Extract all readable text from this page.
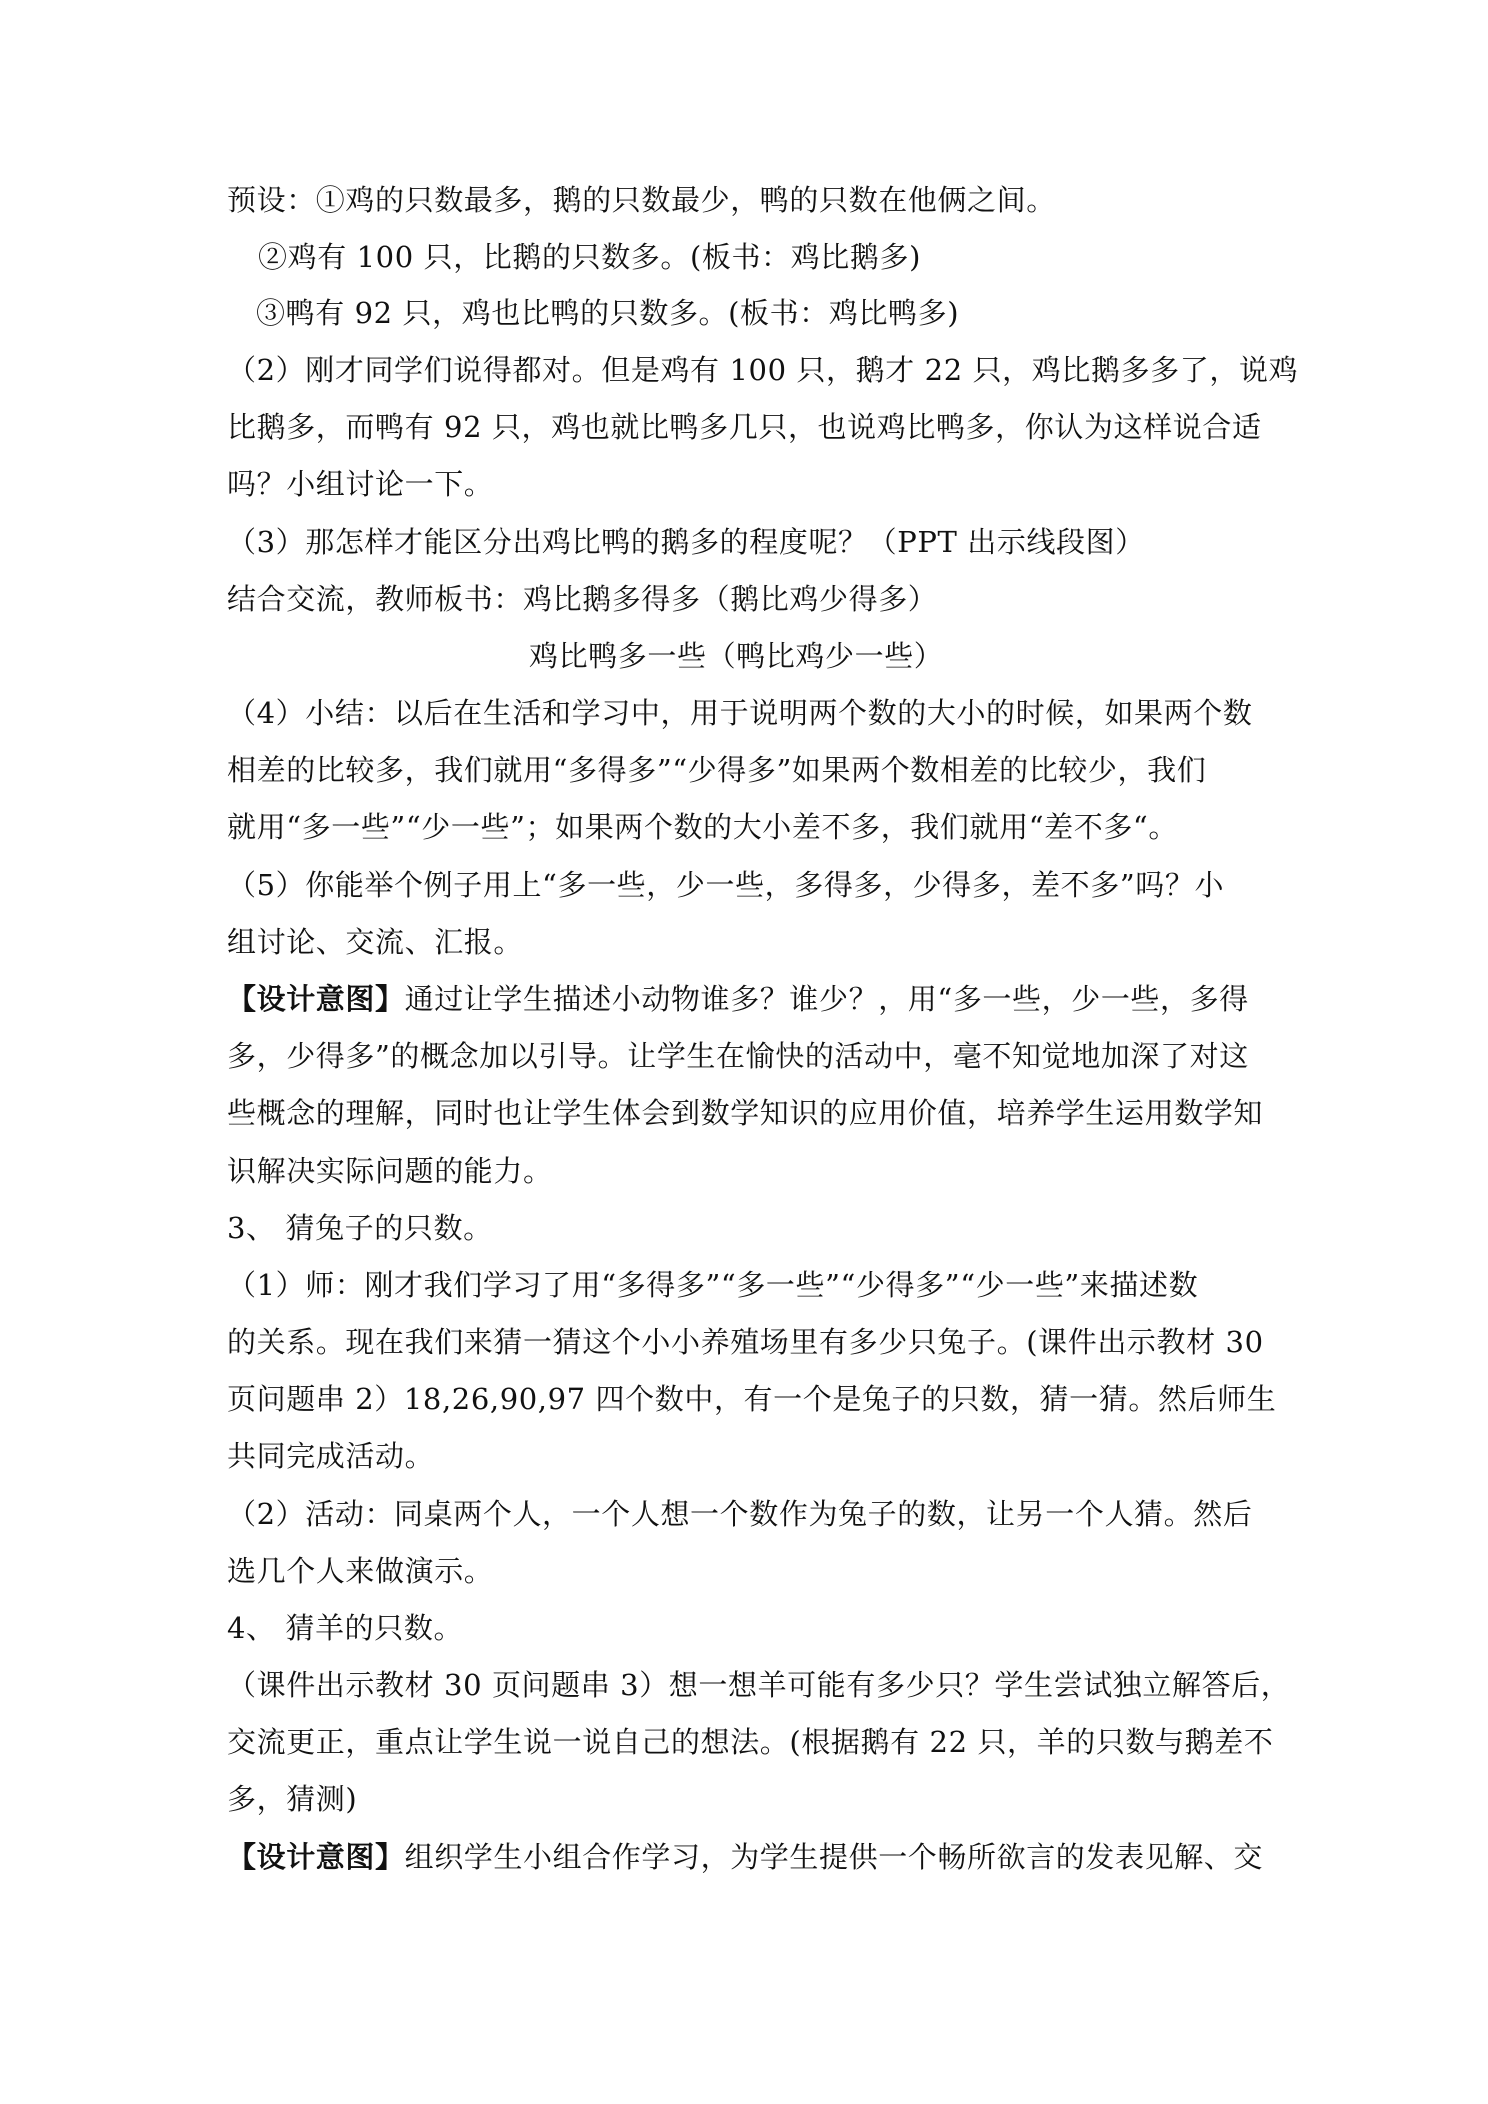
预设：①鸡的只数最多，鹅的只数最少，鸭的只数在他俩之间。
②鸡有 100 只，比鹅的只数多。(板书：鸡比鹅多)
③鸭有 92 只，鸡也比鸭的只数多。(板书：鸡比鸭多)
（2）刚才同学们说得都对。但是鸡有 100 只，鹅才 22 只，鸡比鹅多多了，说鸡
比鹅多，而鸭有 92 只，鸡也就比鸭多几只，也说鸡比鸭多，你认为这样说合适
吗？小组讨论一下。
（3）那怎样才能区分出鸡比鸭的鹅多的程度呢？（PPT 出示线段图）
结合交流，教师板书：鸡比鹅多得多（鹅比鸡少得多）
鸡比鸭多一些（鸭比鸡少一些）
（4）小结：以后在生活和学习中，用于说明两个数的大小的时候，如果两个数
相差的比较多，我们就用“多得多”“少得多”如果两个数相差的比较少，我们
就用“多一些”“少一些”；如果两个数的大小差不多，我们就用“差不多“。
（5）你能举个例子用上“多一些，少一些，多得多，少得多，差不多”吗？小
组讨论、交流、汇报。
【设计意图】通过让学生描述小动物谁多？谁少？，用“多一些，少一些，多得
多，少得多”的概念加以引导。让学生在愉快的活动中，毫不知觉地加深了对这
些概念的理解，同时也让学生体会到数学知识的应用价值，培养学生运用数学知
识解决实际问题的能力。
3、 猜兔子的只数。
（1）师：刚才我们学习了用“多得多”“多一些”“少得多”“少一些”来描述数
的关系。现在我们来猜一猜这个小小养殖场里有多少只兔子。(课件出示教材 30
页问题串 2）18,26,90,97 四个数中，有一个是兔子的只数，猜一猜。然后师生
共同完成活动。
（2）活动：同桌两个人，一个人想一个数作为兔子的数，让另一个人猜。然后
选几个人来做演示。
4、 猜羊的只数。
（课件出示教材 30 页问题串 3）想一想羊可能有多少只？学生尝试独立解答后，
交流更正，重点让学生说一说自己的想法。(根据鹅有 22 只，羊的只数与鹅差不
多，猜测)
【设计意图】组织学生小组合作学习，为学生提供一个畅所欲言的发表见解、交
